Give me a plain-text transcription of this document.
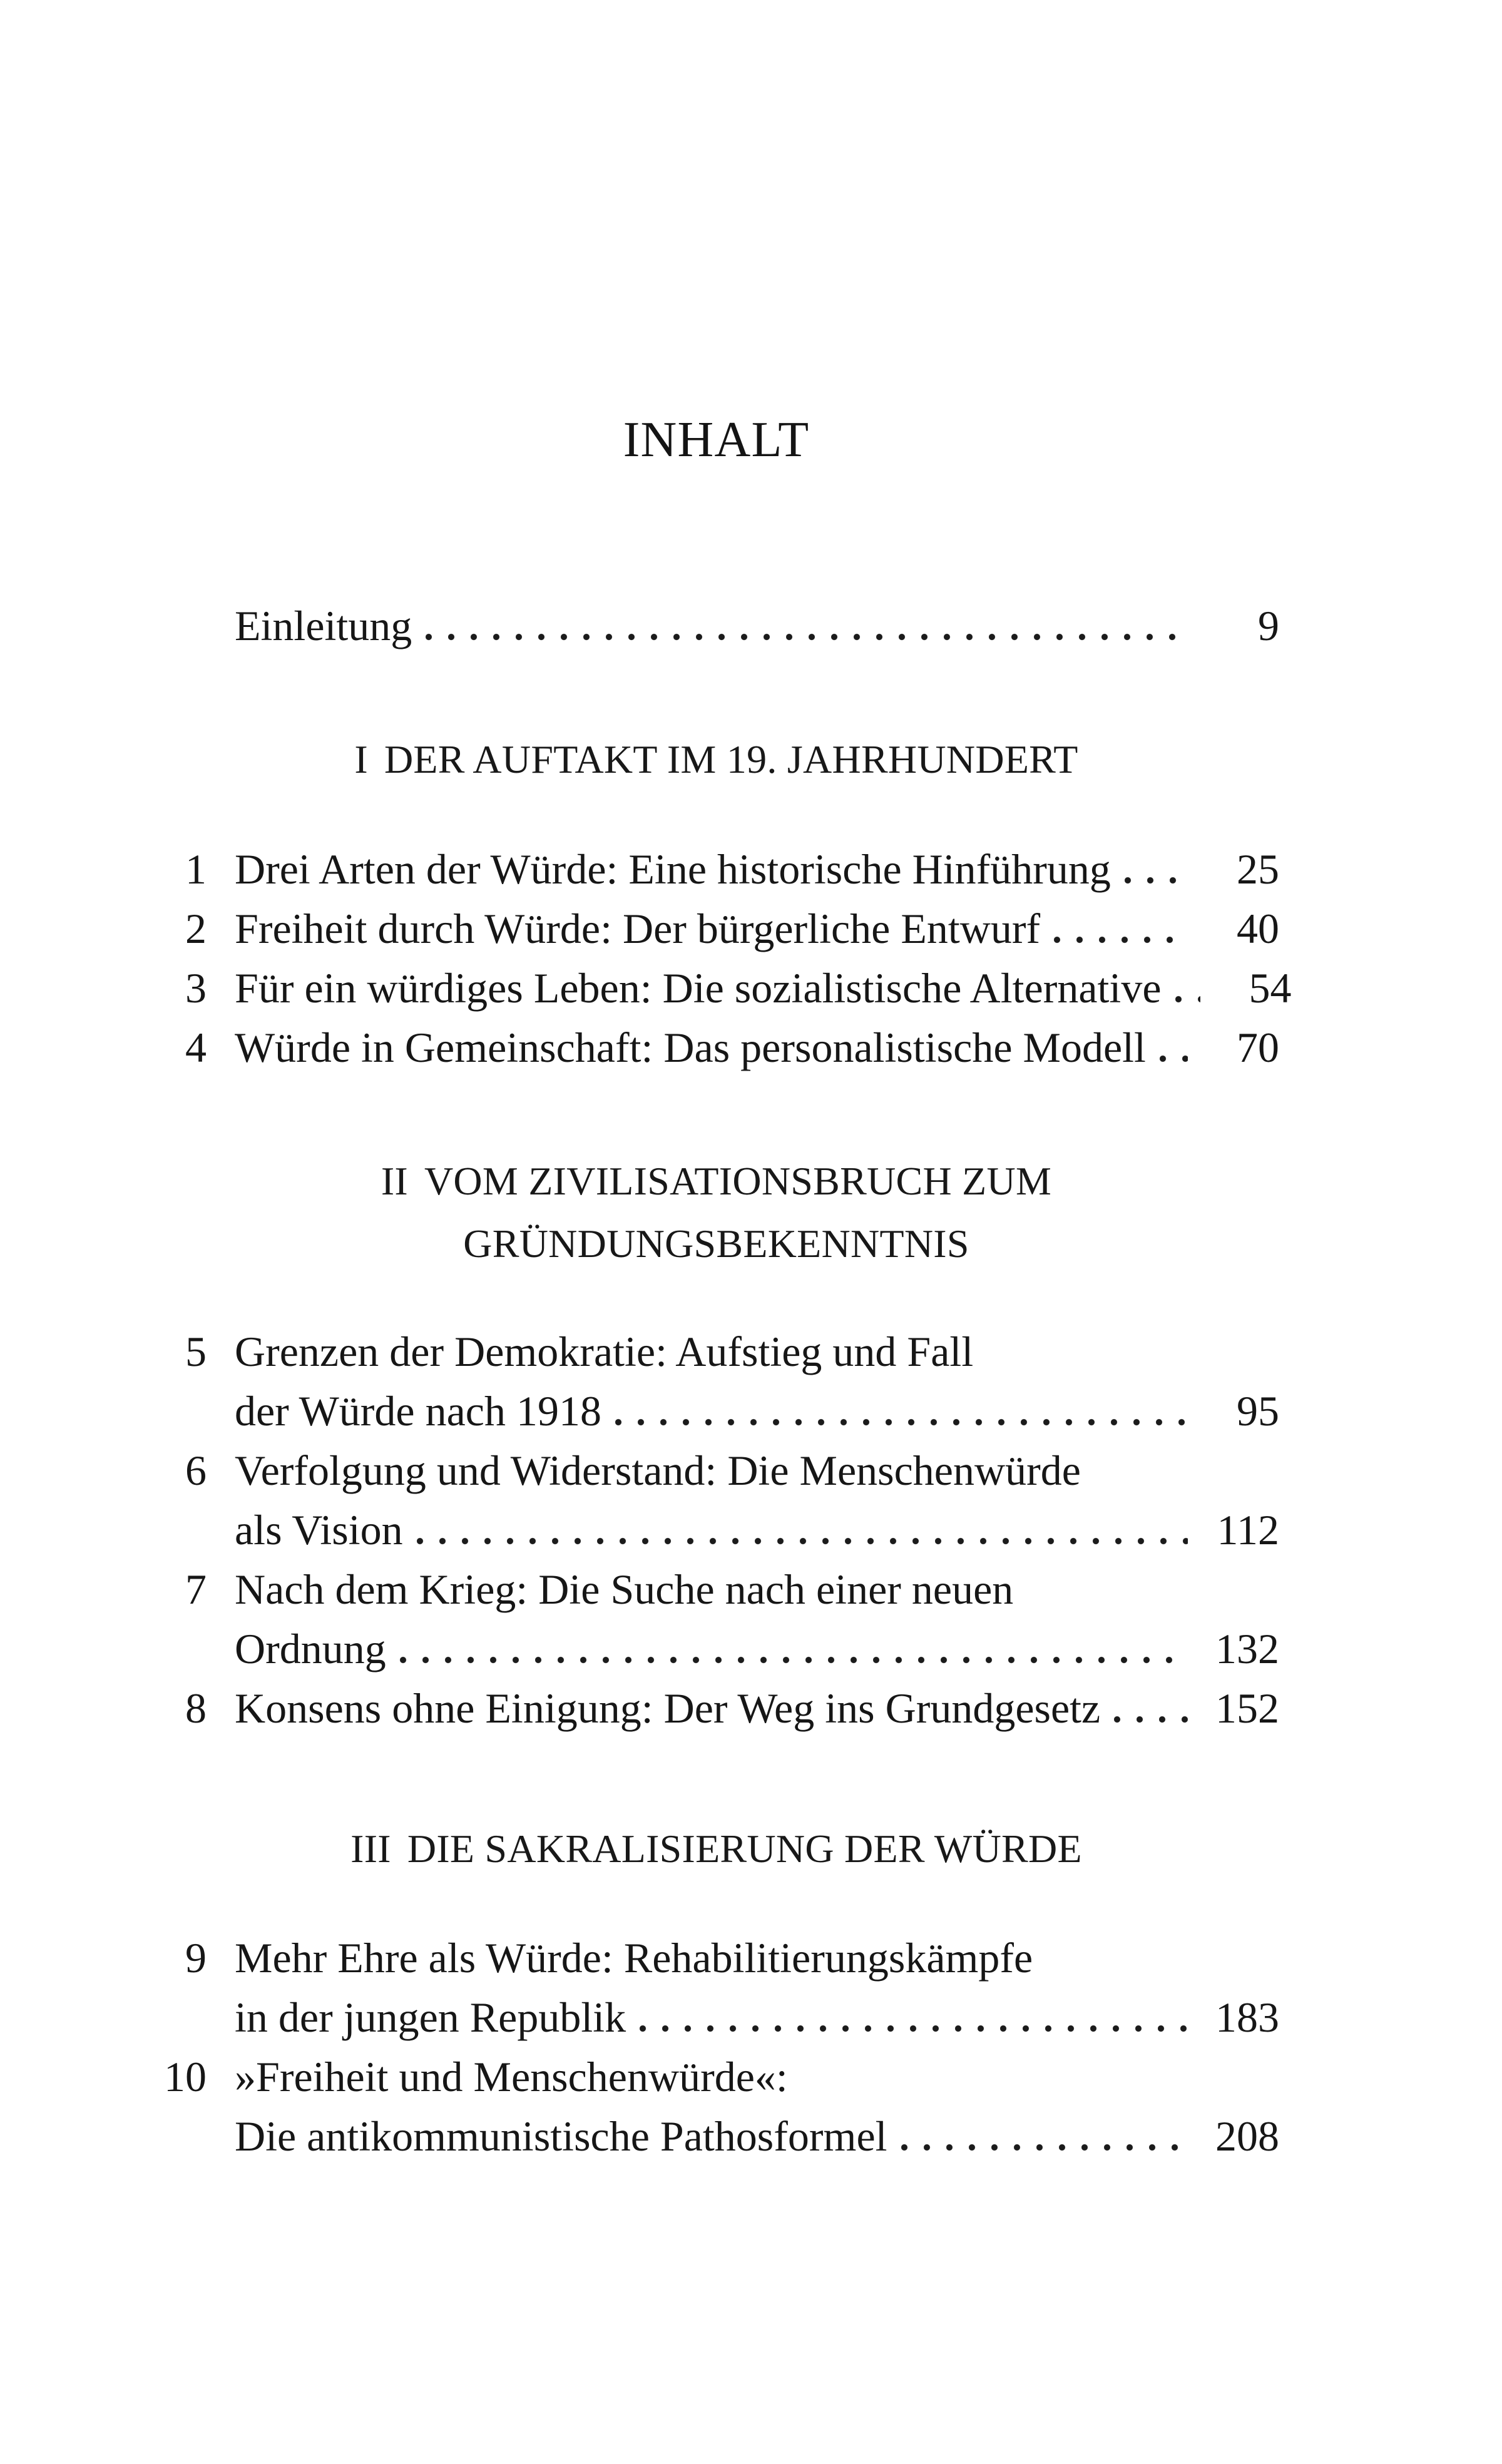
INHALT
Einleitung	9
I DER AUFTAKT IM 19. JAHRHUNDERT
1 Drei Arten der Würde: Eine historische Hinführung	25
2 Freiheit durch Würde: Der bürgerliche Entwurf	40
3 Für ein würdiges Leben: Die sozialistische Alternative	54
4 Würde in Gemeinschaft: Das personalistische Modell	70
II VOM ZIVILISATIONSBRUCH ZUM
GRÜNDUNGSBEKENNTNIS
5 Grenzen der Demokratie: Aufstieg und Fall
der Würde nach 1918	95
6 Verfolgung und Widerstand: Die Menschenwürde
als Vision	112
7 Nach dem Krieg: Die Suche nach einer neuen
Ordnung	132
8 Konsens ohne Einigung: Der Weg ins Grundgesetz	152
III DIE SAKRALISIERUNG DER WÜRDE
9 Mehr Ehre als Würde: Rehabilitierungskämpfe
in der jungen Republik	183
10 »Freiheit und Menschenwürde«:
Die antikommunistische Pathosformel	208
